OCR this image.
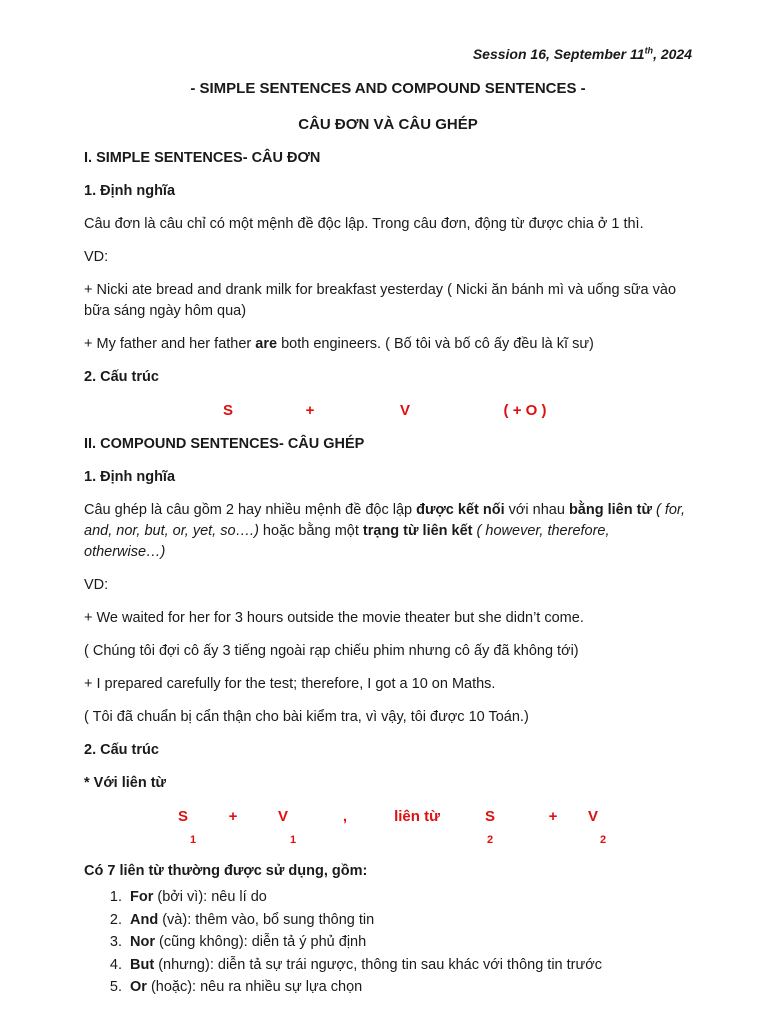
Session 16, September 11th, 2024

- SIMPLE SENTENCES AND COMPOUND SENTENCES -

CÂU ĐƠN VÀ CÂU GHÉP

I. SIMPLE SENTENCES- CÂU ĐƠN

1. Định nghĩa

Câu đơn là câu chỉ có một mệnh đề độc lập. Trong câu đơn, động từ được chia ở 1 thì.

VD:

+ Nicki ate bread and drank milk for breakfast yesterday ( Nicki ăn bánh mì và uống sữa vào bữa sáng ngày hôm qua)

+ My father and her father are both engineers. ( Bố tôi và bố cô ấy đều là kĩ sư)

2. Cấu trúc

S	+	V	( + O )

II. COMPOUND SENTENCES- CÂU GHÉP

1. Định nghĩa

Câu ghép là câu gồm 2 hay nhiều mệnh đề độc lập được kết nối với nhau bằng liên từ ( for, and, nor, but, or, yet, so….) hoặc bằng một trạng từ liên kết ( however, therefore, otherwise…)

VD:

+ We waited for her for 3 hours outside the movie theater but she didn’t come.

( Chúng tôi đợi cô ấy 3 tiếng ngoài rạp chiếu phim nhưng cô ấy đã không tới)

+ I prepared carefully for the test; therefore, I got a 10 on Maths.

( Tôi đã chuẩn bị cẩn thận cho bài kiểm tra, vì vậy, tôi được 10 Toán.)

2. Cấu trúc

* Với liên từ

S1
+	V1
,	liên từ	S2
+	V2

Có 7 liên từ thường được sử dụng, gồm:

1. For (bởi vì): nêu lí do
2. And (và): thêm vào, bổ sung thông tin
3. Nor (cũng không): diễn tả ý phủ định
4. But (nhưng): diễn tả sự trái ngược, thông tin sau khác với thông tin trước
5. Or (hoặc): nêu ra nhiều sự lựa chọn
